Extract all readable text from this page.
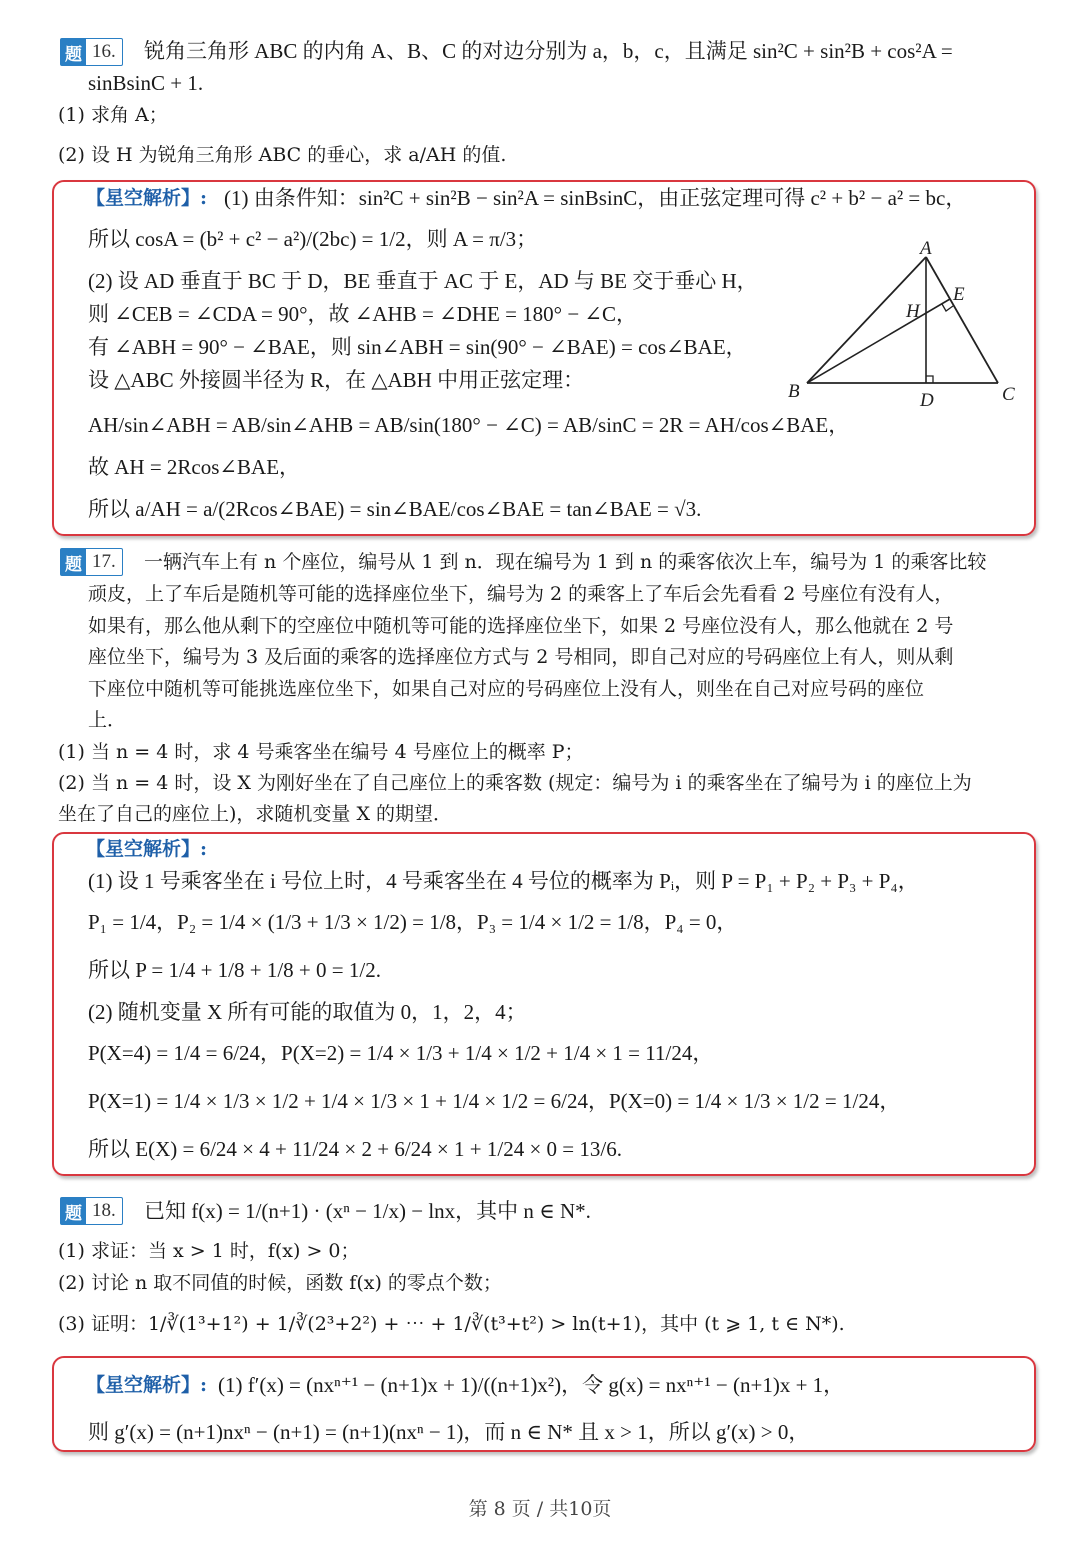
题 16. 锐角三角形 ABC 的内角 A、B、C 的对边分别为 a，b，c，且满足 sin²C + sin²B + cos²A =
sinBsinC + 1.
(1) 求角 A；
(2) 设 H 为锐角三角形 ABC 的垂心，求 a/AH 的值.
【星空解析】: (1) 由条件知：sin²C + sin²B − sin²A = sinBsinC，由正弦定理可得 c² + b² − a² = bc，
所以 cosA = (b² + c² − a²)/(2bc) = 1/2，则 A = π/3；
(2) 设 AD 垂直于 BC 于 D，BE 垂直于 AC 于 E，AD 与 BE 交于垂心 H，
则 ∠CEB = ∠CDA = 90°，故 ∠AHB = ∠DHE = 180° − ∠C，
有 ∠ABH = 90° − ∠BAE，则 sin∠ABH = sin(90° − ∠BAE) = cos∠BAE，
设 △ABC 外接圆半径为 R，在 △ABH 中用正弦定理：
AH/sin∠ABH = AB/sin∠AHB = AB/sin(180° − ∠C) = AB/sinC = 2R = AH/cos∠BAE，
故 AH = 2Rcos∠BAE，
所以 a/AH = a/(2Rcos∠BAE) = sin∠BAE/cos∠BAE = tan∠BAE = √3.
A
B	C
D
E
H
题 17.	一辆汽车上有 n 个座位，编号从 1 到 n．现在编号为 1 到 n 的乘客依次上车，编号为 1 的乘客比较
顽皮，上了车后是随机等可能的选择座位坐下，编号为 2 的乘客上了车后会先看看 2 号座位有没有人，
如果有，那么他从剩下的空座位中随机等可能的选择座位坐下，如果 2 号座位没有人，那么他就在 2 号
座位坐下，编号为 3 及后面的乘客的选择座位方式与 2 号相同，即自己对应的号码座位上有人，则从剩
下座位中随机等可能挑选座位坐下，如果自己对应的号码座位上没有人，则坐在自己对应号码的座位
上．
(1) 当 n = 4 时，求 4 号乘客坐在编号 4 号座位上的概率 P；
(2) 当 n = 4 时，设 X 为刚好坐在了自己座位上的乘客数 (规定：编号为 i 的乘客坐在了编号为 i 的座位上为
坐在了自己的座位上)，求随机变量 X 的期望．
【星空解析】:
(1) 设 1 号乘客坐在 i 号位上时，4 号乘客坐在 4 号位的概率为 Pᵢ，则 P = P₁ + P₂ + P₃ + P₄，
P₁ = 1/4，P₂ = 1/4 × (1/3 + 1/3 × 1/2) = 1/8，P₃ = 1/4 × 1/2 = 1/8，P₄ = 0，
所以 P = 1/4 + 1/8 + 1/8 + 0 = 1/2.
(2) 随机变量 X 所有可能的取值为 0，1，2，4；
P(X=4) = 1/4 = 6/24，P(X=2) = 1/4 × 1/3 + 1/4 × 1/2 + 1/4 × 1 = 11/24，
P(X=1) = 1/4 × 1/3 × 1/2 + 1/4 × 1/3 × 1 + 1/4 × 1/2 = 6/24，P(X=0) = 1/4 × 1/3 × 1/2 = 1/24，
所以 E(X) = 6/24 × 4 + 11/24 × 2 + 6/24 × 1 + 1/24 × 0 = 13/6.
题 18. 已知 f(x) = 1/(n+1) · (xⁿ − 1/x) − lnx，其中 n ∈ N*.
(1) 求证：当 x > 1 时，f(x) > 0；
(2) 讨论 n 取不同值的时候，函数 f(x) 的零点个数；
(3) 证明：1/∛(1³+1²) + 1/∛(2³+2²) + ⋯ + 1/∛(t³+t²) > ln(t+1)，其中 (t ⩾ 1, t ∈ N*).
【星空解析】: (1) f′(x) = (nxⁿ⁺¹ − (n+1)x + 1)/((n+1)x²)，令 g(x) = nxⁿ⁺¹ − (n+1)x + 1，
则 g′(x) = (n+1)nxⁿ − (n+1) = (n+1)(nxⁿ − 1)，而 n ∈ N* 且 x > 1，所以 g′(x) > 0，
第 8 页 / 共10页
